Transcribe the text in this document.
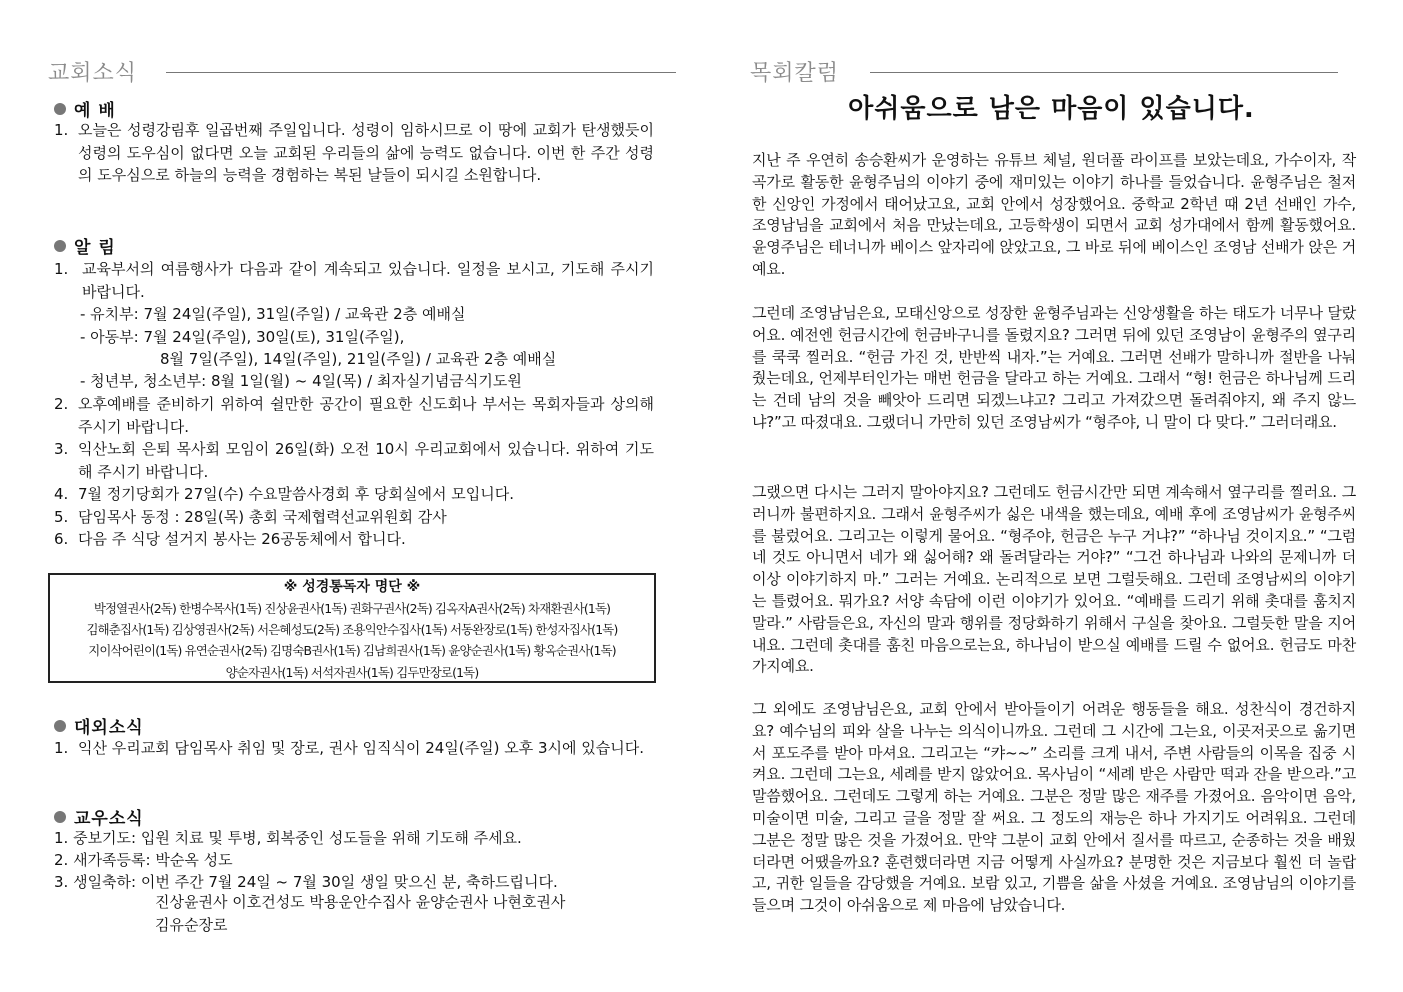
교회소식
예 배
1. 오늘은 성령강림후 일곱번째 주일입니다. 성령이 임하시므로 이 땅에 교회가 탄생했듯이 성령의 도우심이 없다면 오늘 교회된 우리들의 삶에 능력도 없습니다. 이번 한 주간 성령의 도우심으로 하늘의 능력을 경험하는 복된 날들이 되시길 소원합니다.
알 림
1. 교육부서의 여름행사가 다음과 같이 계속되고 있습니다. 일정을 보시고, 기도해 주시기 바랍니다.
- 유치부: 7월 24일(주일), 31일(주일) / 교육관 2층 예배실
- 아동부: 7월 24일(주일), 30일(토), 31일(주일),
8월 7일(주일), 14일(주일), 21일(주일) / 교육관 2층 예배실
- 청년부, 청소년부: 8월 1일(월) ~ 4일(목) / 최자실기념금식기도원
2. 오후예배를 준비하기 위하여 쉴만한 공간이 필요한 신도회나 부서는 목회자들과 상의해 주시기 바랍니다.
3. 익산노회 은퇴 목사회 모임이 26일(화) 오전 10시 우리교회에서 있습니다. 위하여 기도해 주시기 바랍니다.
4. 7월 정기당회가 27일(수) 수요말씀사경회 후 당회실에서 모입니다.
5. 담임목사 동정 : 28일(목) 총회 국제협력선교위원회 감사
6. 다음 주 식당 설거지 봉사는 26공동체에서 합니다.
※ 성경통독자 명단 ※
박정열권사(2독) 한병수목사(1독) 진상윤권사(1독) 권화구권사(2독) 김옥자A권사(2독) 차재환권사(1독)
김해춘집사(1독) 김상영권사(2독) 서은혜성도(2독) 조용익안수집사(1독) 서동완장로(1독) 한성자집사(1독)
지이삭어린이(1독) 유연순권사(2독) 김명숙B권사(1독) 김남희권사(1독) 윤양순권사(1독) 황옥순권사(1독)
양순자권사(1독) 서석자권사(1독) 김두만장로(1독)
대외소식
1. 익산 우리교회 담임목사 취임 및 장로, 권사 임직식이 24일(주일) 오후 3시에 있습니다.
교우소식
1. 중보기도: 입원 치료 및 투병, 회복중인 성도들을 위해 기도해 주세요.
2. 새가족등록: 박순옥 성도
3. 생일축하: 이번 주간 7월 24일 ~ 7월 30일 생일 맞으신 분, 축하드립니다.
진상윤권사 이호건성도 박용운안수집사 윤양순권사 나현호권사
김유순장로
목회칼럼
아쉬움으로 남은 마음이 있습니다.
지난 주 우연히 송승환씨가 운영하는 유튜브 체널, 원더풀 라이프를 보았는데요, 가수이자, 작곡가로 활동한 윤형주님의 이야기 중에 재미있는 이야기 하나를 들었습니다. 윤형주님은 철저한 신앙인 가정에서 태어났고요, 교회 안에서 성장했어요. 중학교 2학년 때 2년 선배인 가수, 조영남님을 교회에서 처음 만났는데요, 고등학생이 되면서 교회 성가대에서 함께 활동했어요. 윤영주님은 테너니까 베이스 앞자리에 앉았고요, 그 바로 뒤에 베이스인 조영남 선배가 앉은 거예요.
그런데 조영남님은요, 모태신앙으로 성장한 윤형주님과는 신앙생활을 하는 태도가 너무나 달랐어요. 예전엔 헌금시간에 헌금바구니를 돌렸지요? 그러면 뒤에 있던 조영남이 윤형주의 옆구리를 쿡쿡 찔러요. “헌금 가진 것, 반반씩 내자.”는 거예요. 그러면 선배가 말하니까 절반을 나눠줬는데요, 언제부터인가는 매번 헌금을 달라고 하는 거예요. 그래서 “형! 헌금은 하나님께 드리는 건데 남의 것을 빼앗아 드리면 되겠느냐고? 그리고 가져갔으면 돌려줘야지, 왜 주지 않느냐?”고 따졌대요. 그랬더니 가만히 있던 조영남씨가 “형주야, 니 말이 다 맞다.” 그러더래요.
그랬으면 다시는 그러지 말아야지요? 그런데도 헌금시간만 되면 계속해서 옆구리를 찔러요. 그러니까 불편하지요. 그래서 윤형주씨가 싫은 내색을 했는데요, 예배 후에 조영남씨가 윤형주씨를 불렀어요. 그리고는 이렇게 물어요. “형주야, 헌금은 누구 거냐?” “하나님 것이지요.” “그럼 네 것도 아니면서 네가 왜 싫어해? 왜 돌려달라는 거야?” “그건 하나님과 나와의 문제니까 더 이상 이야기하지 마.” 그러는 거예요. 논리적으로 보면 그럴듯해요. 그런데 조영남씨의 이야기는 틀렸어요. 뭐가요? 서양 속담에 이런 이야기가 있어요. “예배를 드리기 위해 촛대를 훔치지 말라.” 사람들은요, 자신의 말과 행위를 정당화하기 위해서 구실을 찾아요. 그럴듯한 말을 지어내요. 그런데 촛대를 훔친 마음으로는요, 하나님이 받으실 예배를 드릴 수 없어요. 헌금도 마찬가지예요.
그 외에도 조영남님은요, 교회 안에서 받아들이기 어려운 행동들을 해요. 성찬식이 경건하지요? 예수님의 피와 살을 나누는 의식이니까요. 그런데 그 시간에 그는요, 이곳저곳으로 옮기면서 포도주를 받아 마셔요. 그리고는 “캬~~” 소리를 크게 내서, 주변 사람들의 이목을 집중 시켜요. 그런데 그는요, 세례를 받지 않았어요. 목사님이 “세례 받은 사람만 떡과 잔을 받으라.”고 말씀했어요. 그런데도 그렇게 하는 거예요. 그분은 정말 많은 재주를 가졌어요. 음악이면 음악, 미술이면 미술, 그리고 글을 정말 잘 써요. 그 정도의 재능은 하나 가지기도 어려워요. 그런데 그분은 정말 많은 것을 가졌어요. 만약 그분이 교회 안에서 질서를 따르고, 순종하는 것을 배웠더라면 어땠을까요? 훈련했더라면 지금 어떻게 사실까요? 분명한 것은 지금보다 훨씬 더 놀랍고, 귀한 일들을 감당했을 거예요. 보람 있고, 기쁨을 삶을 사셨을 거예요. 조영남님의 이야기를 들으며 그것이 아쉬움으로 제 마음에 남았습니다.
